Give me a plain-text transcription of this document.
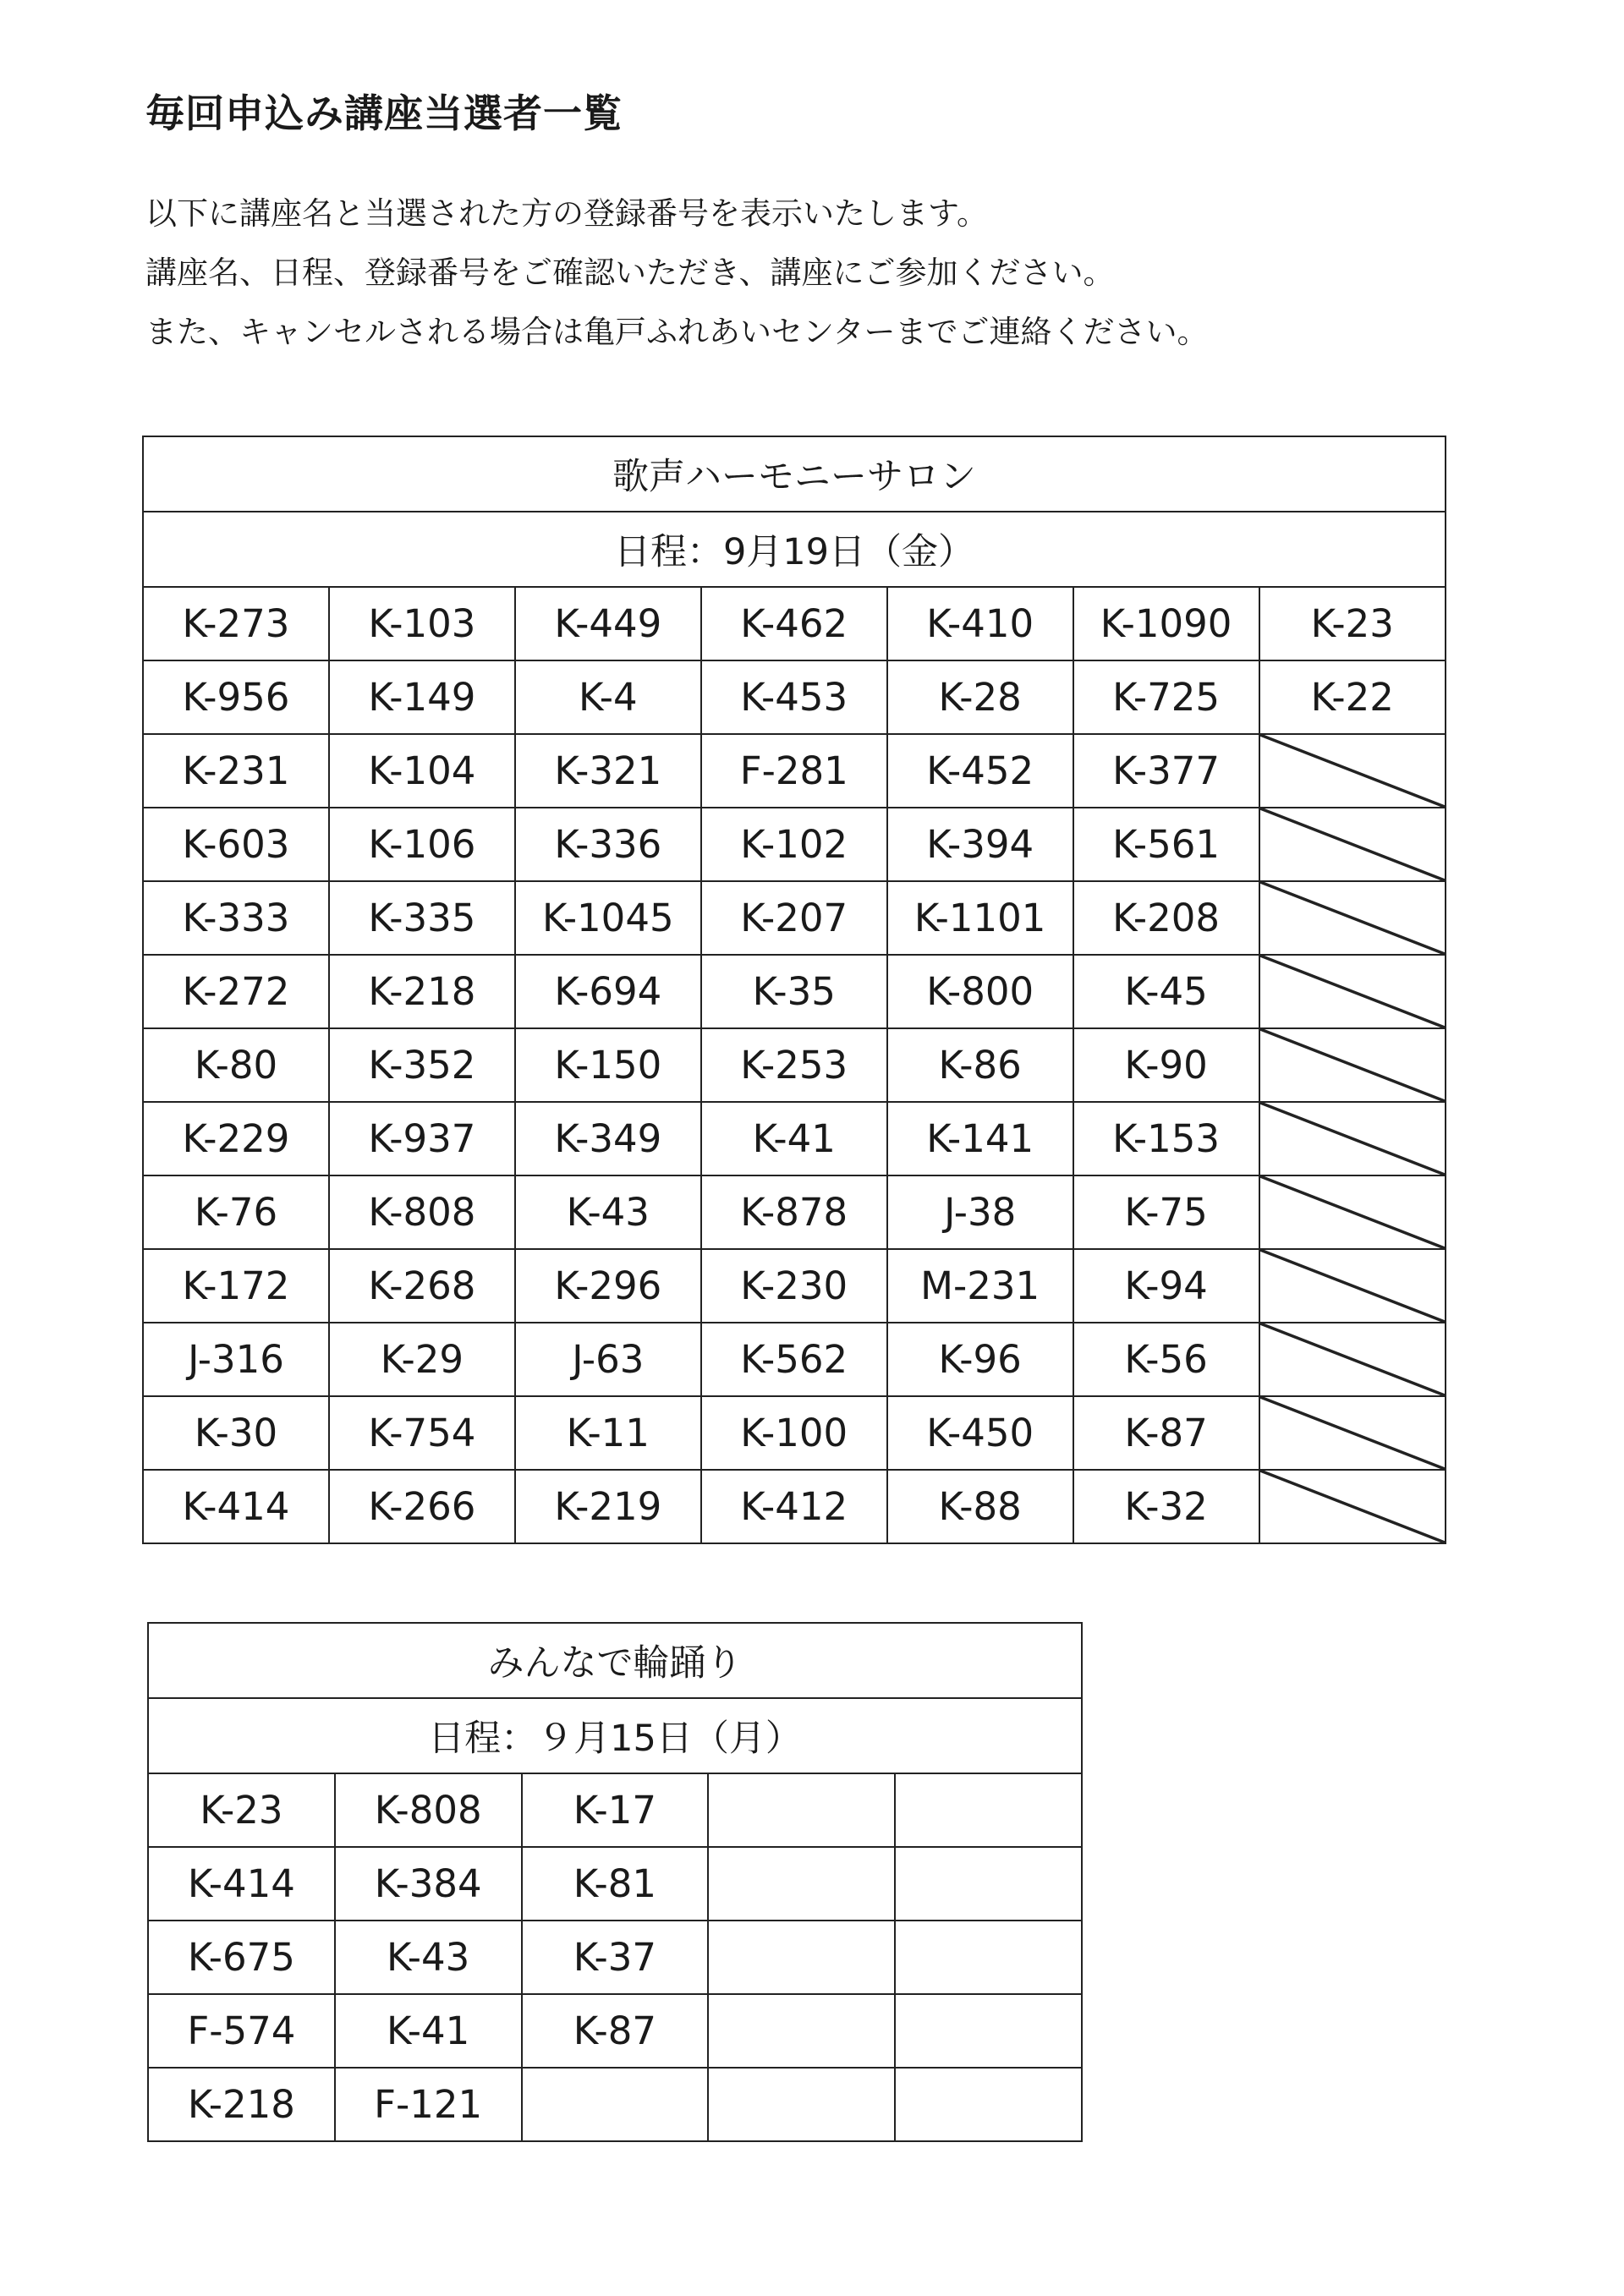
毎回申込み講座当選者一覧

以下に講座名と当選された方の登録番号を表示いたします。

講座名、日程、登録番号をご確認いただき、講座にご参加ください。

また、キャンセルされる場合は亀戸ふれあいセンターまでご連絡ください。

歌声ハーモニーサロン						
日程：9月19日（金）						
K-273	K-103	K-449	K-462	K-410	K-1090	K-23
K-956	K-149	K-4	K-453	K-28	K-725	K-22
K-231	K-104	K-321	F-281	K-452	K-377	
K-603	K-106	K-336	K-102	K-394	K-561	
K-333	K-335	K-1045	K-207	K-1101	K-208	
K-272	K-218	K-694	K-35	K-800	K-45	
K-80	K-352	K-150	K-253	K-86	K-90	
K-229	K-937	K-349	K-41	K-141	K-153	
K-76	K-808	K-43	K-878	J-38	K-75	
K-172	K-268	K-296	K-230	M-231	K-94	
J-316	K-29	J-63	K-562	K-96	K-56	
K-30	K-754	K-11	K-100	K-450	K-87	
K-414	K-266	K-219	K-412	K-88	K-32	
みんなで輪踊り				
日程：９月15日（月）				
K-23	K-808	K-17		
K-414	K-384	K-81		
K-675	K-43	K-37		
F-574	K-41	K-87		
K-218	F-121			
